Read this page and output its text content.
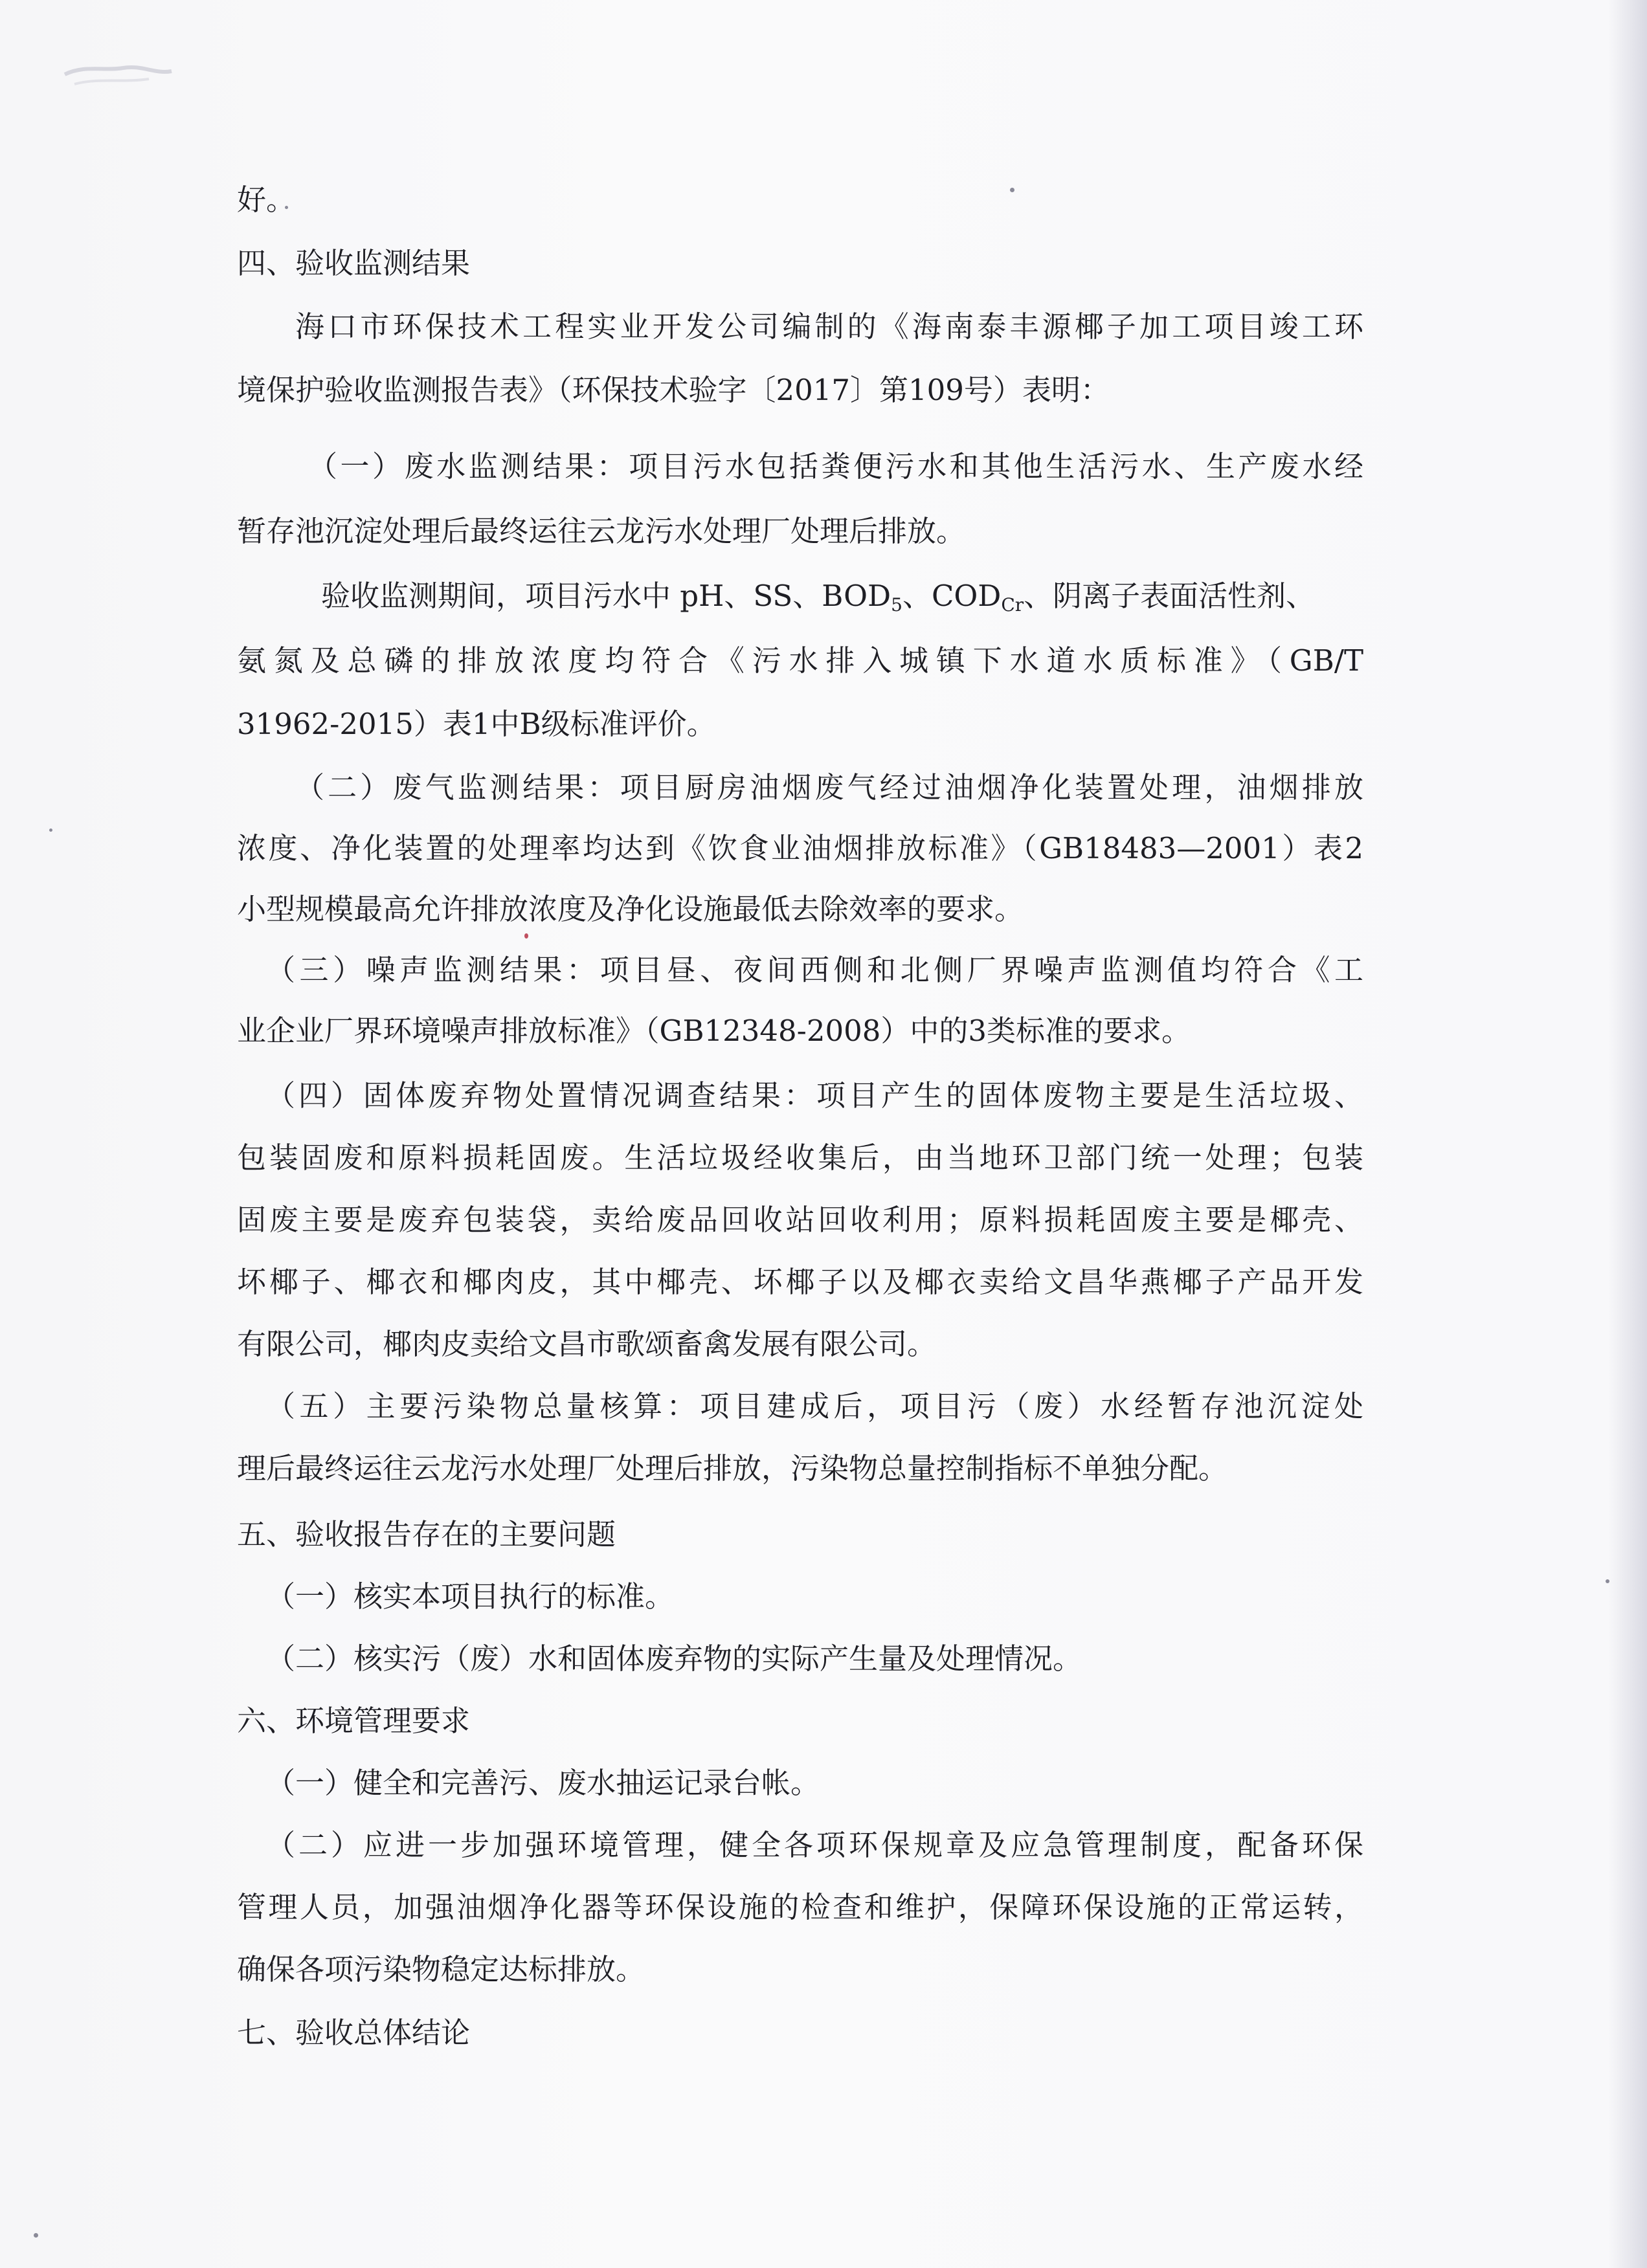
好。

四、验收监测结果

海口市环保技术工程实业开发公司编制的《海南泰丰源椰子加工项目竣工环

境保护验收监测报告表》（环保技术验字〔2017〕第109号）表明：

（一）废水监测结果：项目污水包括粪便污水和其他生活污水、生产废水经

暂存池沉淀处理后最终运往云龙污水处理厂处理后排放。

验收监测期间，项目污水中 pH、SS、$BOD_5$、$COD_{Cr}$、阴离子表面活性剂、

氨氮及总磷的排放浓度均符合《污水排入城镇下水道水质标准》（GB/T

31962-2015）表1中B级标准评价。

（二）废气监测结果：项目厨房油烟废气经过油烟净化装置处理，油烟排放

浓度、净化装置的处理率均达到《饮食业油烟排放标准》（GB18483—2001）表2

小型规模最高允许排放浓度及净化设施最低去除效率的要求。

（三）噪声监测结果：项目昼、夜间西侧和北侧厂界噪声监测值均符合《工

业企业厂界环境噪声排放标准》（GB12348-2008）中的3类标准的要求。

（四）固体废弃物处置情况调查结果：项目产生的固体废物主要是生活垃圾、

包装固废和原料损耗固废。生活垃圾经收集后，由当地环卫部门统一处理；包装

固废主要是废弃包装袋，卖给废品回收站回收利用；原料损耗固废主要是椰壳、

坏椰子、椰衣和椰肉皮，其中椰壳、坏椰子以及椰衣卖给文昌华燕椰子产品开发

有限公司，椰肉皮卖给文昌市歌颂畜禽发展有限公司。

（五）主要污染物总量核算：项目建成后，项目污（废）水经暂存池沉淀处

理后最终运往云龙污水处理厂处理后排放，污染物总量控制指标不单独分配。

五、验收报告存在的主要问题

（一）核实本项目执行的标准。

（二）核实污（废）水和固体废弃物的实际产生量及处理情况。

六、环境管理要求

（一）健全和完善污、废水抽运记录台帐。

（二）应进一步加强环境管理，健全各项环保规章及应急管理制度，配备环保

管理人员，加强油烟净化器等环保设施的检查和维护，保障环保设施的正常运转，

确保各项污染物稳定达标排放。

七、验收总体结论
